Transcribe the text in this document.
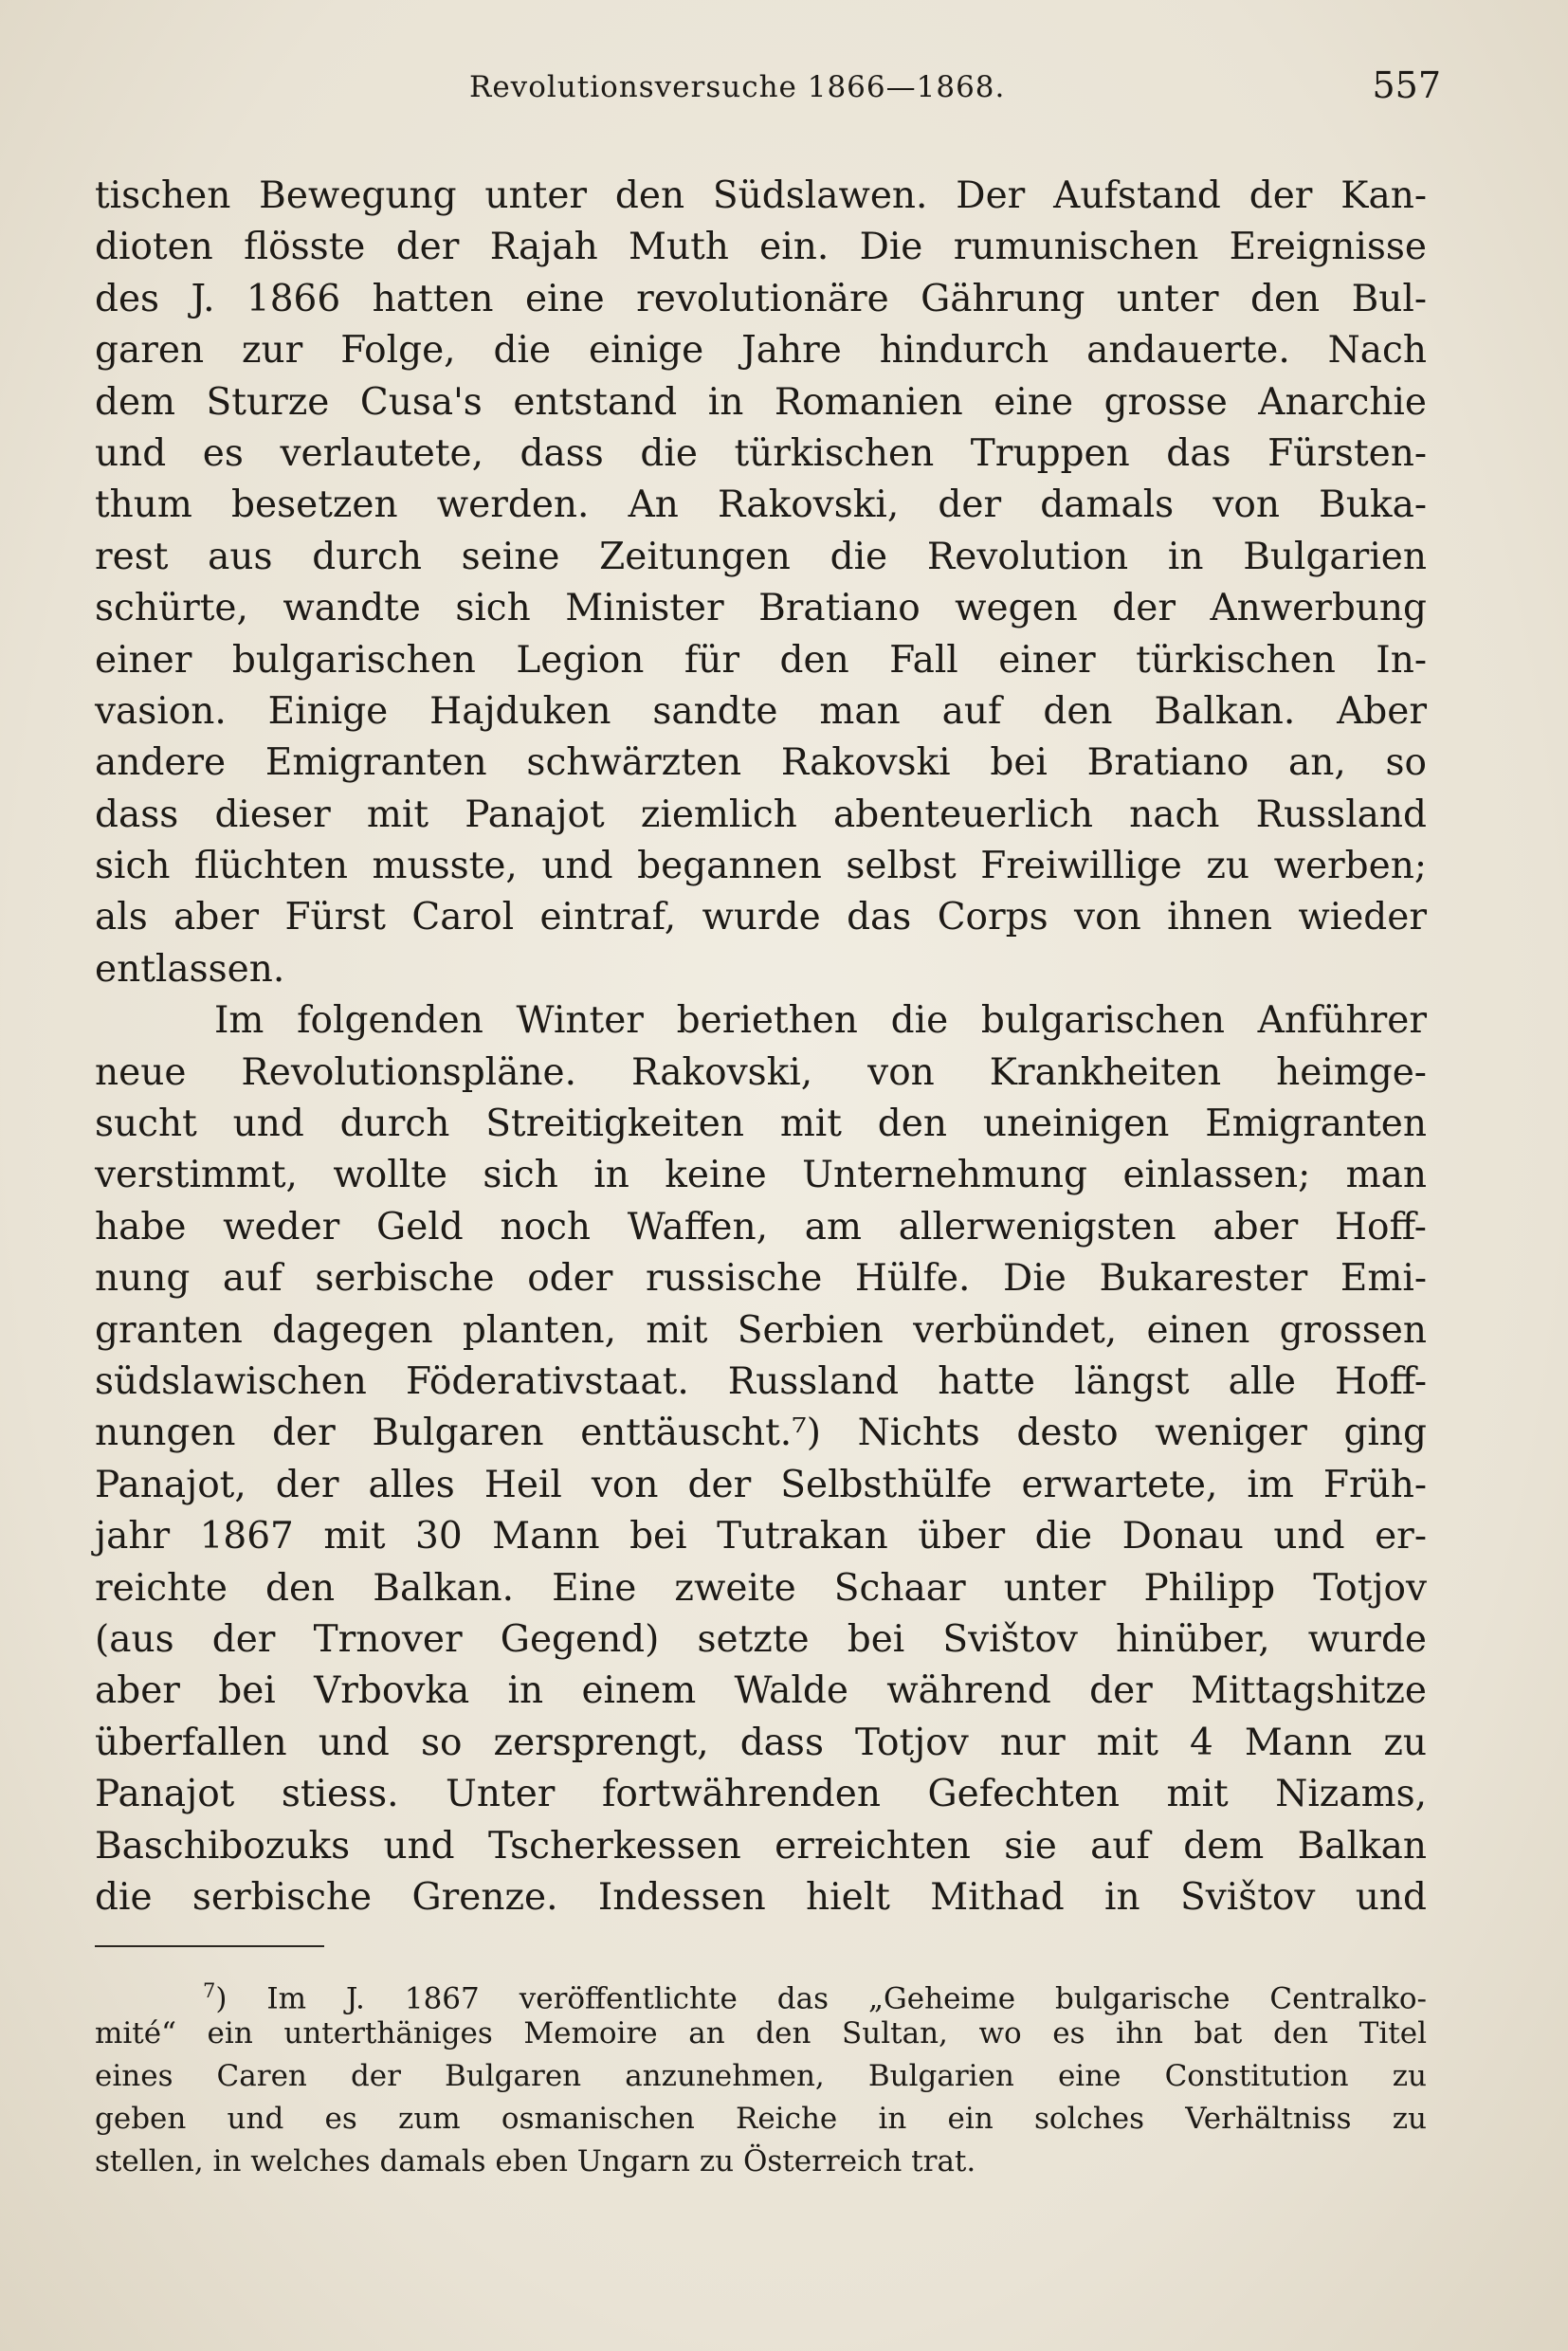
Revolutionsversuche 1866—1868.	557
tischen Bewegung unter den Südslawen. Der Aufstand der Kan-
dioten flösste der Rajah Muth ein. Die rumunischen Ereignisse
des J. 1866 hatten eine revolutionäre Gährung unter den Bul-
garen zur Folge, die einige Jahre hindurch andauerte. Nach
dem Sturze Cusa's entstand in Romanien eine grosse Anarchie
und es verlautete, dass die türkischen Truppen das Fürsten-
thum besetzen werden. An Rakovski, der damals von Buka-
rest aus durch seine Zeitungen die Revolution in Bulgarien
schürte, wandte sich Minister Bratiano wegen der Anwerbung
einer bulgarischen Legion für den Fall einer türkischen In-
vasion. Einige Hajduken sandte man auf den Balkan. Aber
andere Emigranten schwärzten Rakovski bei Bratiano an, so
dass dieser mit Panajot ziemlich abenteuerlich nach Russland
sich flüchten musste, und begannen selbst Freiwillige zu werben;
als aber Fürst Carol eintraf, wurde das Corps von ihnen wieder
entlassen.
Im folgenden Winter beriethen die bulgarischen Anführer
neue Revolutionspläne. Rakovski, von Krankheiten heimge-
sucht und durch Streitigkeiten mit den uneinigen Emigranten
verstimmt, wollte sich in keine Unternehmung einlassen; man
habe weder Geld noch Waffen, am allerwenigsten aber Hoff-
nung auf serbische oder russische Hülfe. Die Bukarester Emi-
granten dagegen planten, mit Serbien verbündet, einen grossen
südslawischen Föderativstaat. Russland hatte längst alle Hoff-
nungen der Bulgaren enttäuscht.⁷) Nichts desto weniger ging
Panajot, der alles Heil von der Selbsthülfe erwartete, im Früh-
jahr 1867 mit 30 Mann bei Tutrakan über die Donau und er-
reichte den Balkan. Eine zweite Schaar unter Philipp Totjov
(aus der Trnover Gegend) setzte bei Svištov hinüber, wurde
aber bei Vrbovka in einem Walde während der Mittagshitze
überfallen und so zersprengt, dass Totjov nur mit 4 Mann zu
Panajot stiess. Unter fortwährenden Gefechten mit Nizams,
Baschibozuks und Tscherkessen erreichten sie auf dem Balkan
die serbische Grenze. Indessen hielt Mithad in Svištov und
$^7$) Im J. 1867 veröffentlichte das „Geheime bulgarische Centralko-
mité“ ein unterthäniges Memoire an den Sultan, wo es ihn bat den Titel
eines Caren der Bulgaren anzunehmen, Bulgarien eine Constitution zu
geben und es zum osmanischen Reiche in ein solches Verhältniss zu
stellen, in welches damals eben Ungarn zu Österreich trat.
